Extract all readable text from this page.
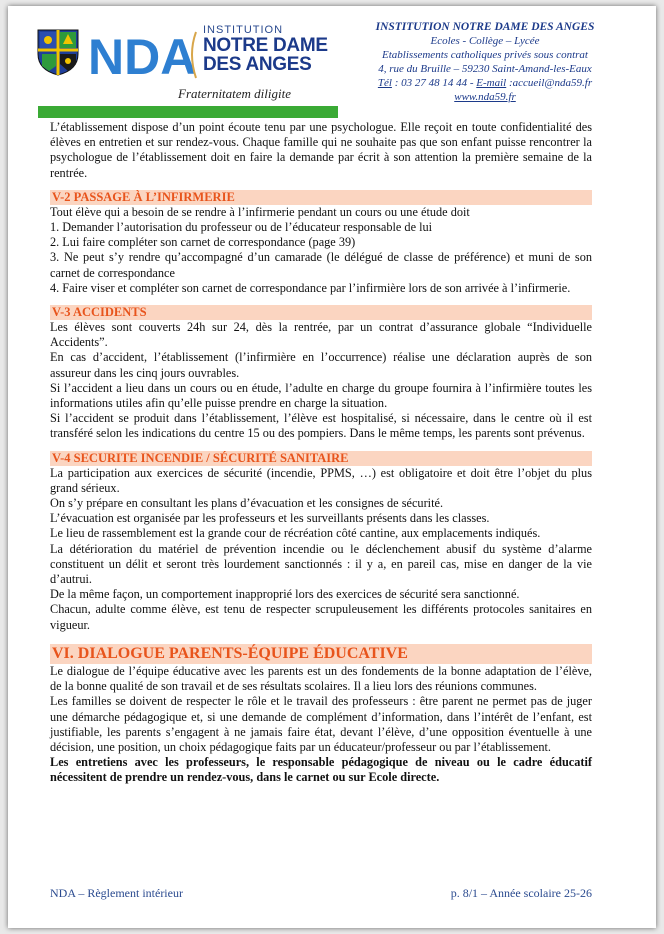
NDA INSTITUTION
NOTRE DAME
DES ANGES
Fraternitatem diligite
INSTITUTION NOTRE DAME DES ANGES
Ecoles - Collège – Lycée
Etablissements catholiques privés sous contrat
4, rue du Bruille – 59230 Saint-Amand-les-Eaux
Tél : 03 27 48 14 44 - E-mail :accueil@nda59.fr
www.nda59.fr

L’établissement dispose d’un point écoute tenu par une psychologue. Elle reçoit en toute confidentialité des élèves en entretien et sur rendez-vous. Chaque famille qui ne souhaite pas que son enfant puisse rencontrer la psychologue de l’établissement doit en faire la demande par écrit à son attention la première semaine de la rentrée.

V-2 PASSAGE À L’INFIRMERIE

Tout élève qui a besoin de se rendre à l’infirmerie pendant un cours ou une étude doit

1. Demander l’autorisation du professeur ou de l’éducateur responsable de lui

2. Lui faire compléter son carnet de correspondance (page 39)

3. Ne peut s’y rendre qu’accompagné d’un camarade (le délégué de classe de préférence) et muni de son carnet de correspondance

4. Faire viser et compléter son carnet de correspondance par l’infirmière lors de son arrivée à l’infirmerie.

V-3 ACCIDENTS

Les élèves sont couverts 24h sur 24, dès la rentrée, par un contrat d’assurance globale “Individuelle Accidents”.

En cas d’accident, l’établissement (l’infirmière en l’occurrence) réalise une déclaration auprès de son assureur dans les cinq jours ouvrables.

Si l’accident a lieu dans un cours ou en étude, l’adulte en charge du groupe fournira à l’infirmière toutes les informations utiles afin qu’elle puisse prendre en charge la situation.

Si l’accident se produit dans l’établissement, l’élève est hospitalisé, si nécessaire, dans le centre où il est transféré selon les indications du centre 15 ou des pompiers. Dans le même temps, les parents sont prévenus.

V-4 SECURITE INCENDIE / SÉCURITÉ SANITAIRE

La participation aux exercices de sécurité (incendie, PPMS, …) est obligatoire et doit être l’objet du plus grand sérieux.

On s’y prépare en consultant les plans d’évacuation et les consignes de sécurité.

L’évacuation est organisée par les professeurs et les surveillants présents dans les classes.

Le lieu de rassemblement est la grande cour de récréation côté cantine, aux emplacements indiqués.

La détérioration du matériel de prévention incendie ou le déclenchement abusif du système d’alarme constituent un délit et seront très lourdement sanctionnés : il y a, en pareil cas, mise en danger de la vie d’autrui.

De la même façon, un comportement inapproprié lors des exercices de sécurité sera sanctionné.

Chacun, adulte comme élève, est tenu de respecter scrupuleusement les différents protocoles sanitaires en vigueur.

VI. DIALOGUE PARENTS-ÉQUIPE ÉDUCATIVE

Le dialogue de l’équipe éducative avec les parents est un des fondements de la bonne adaptation de l’élève, de la bonne qualité de son travail et de ses résultats scolaires. Il a lieu lors des réunions communes.

Les familles se doivent de respecter le rôle et le travail des professeurs : être parent ne permet pas de juger une démarche pédagogique et, si une demande de complément d’information, dans l’intérêt de l’enfant, est justifiable, les parents s’engagent à ne jamais faire état, devant l’élève, d’une opposition éventuelle à une décision, une position, un choix pédagogique faits par un éducateur/professeur ou par l’établissement.

Les entretiens avec les professeurs, le responsable pédagogique de niveau ou le cadre éducatif nécessitent de prendre un rendez-vous, dans le carnet ou sur Ecole directe.

NDA – Règlement intérieur	p. 8/1 – Année scolaire 25-26
